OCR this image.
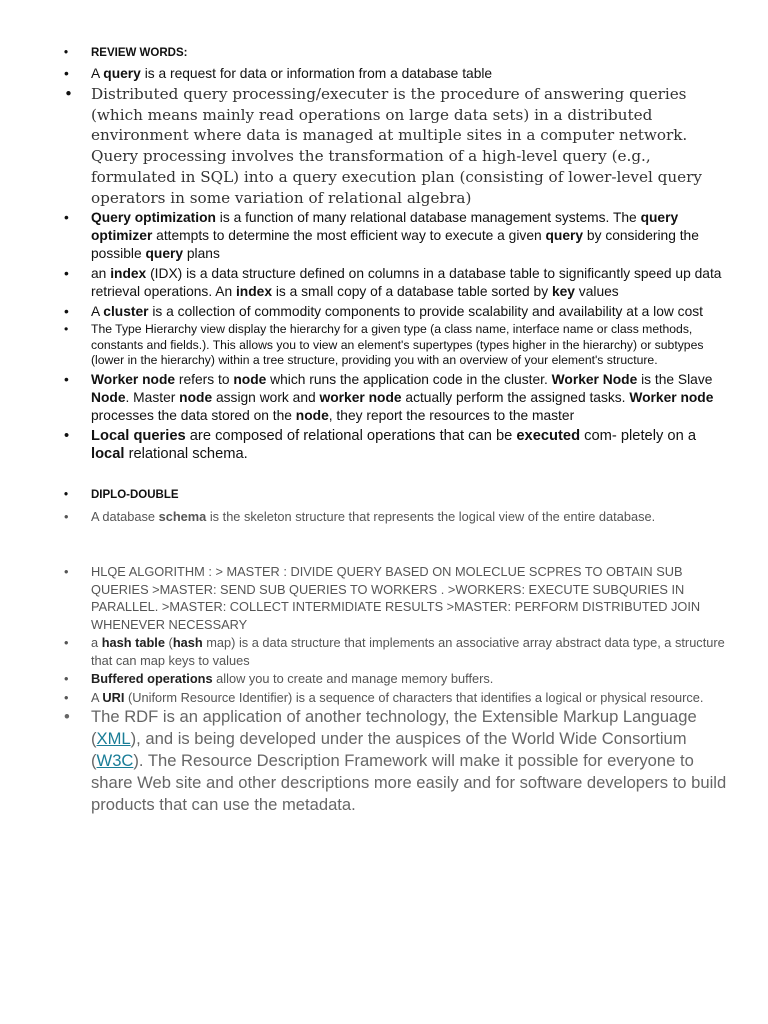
• REVIEW WORDS:
• A query is a request for data or information from a database table
• Distributed query processing/executer is the procedure of answering queries (which means mainly read operations on large data sets) in a distributed environment where data is managed at multiple sites in a computer network. Query processing involves the transformation of a high-level query (e.g., formulated in SQL) into a query execution plan (consisting of lower-level query operators in some variation of relational algebra)
• Query optimization is a function of many relational database management systems. The query optimizer attempts to determine the most efficient way to execute a given query by considering the possible query plans
• an index (IDX) is a data structure defined on columns in a database table to significantly speed up data retrieval operations. An index is a small copy of a database table sorted by key values
• A cluster is a collection of commodity components to provide scalability and availability at a low cost
• The Type Hierarchy view display the hierarchy for a given type (a class name, interface name or class methods, constants and fields.). This allows you to view an element's supertypes (types higher in the hierarchy) or subtypes (lower in the hierarchy) within a tree structure, providing you with an overview of your element's structure.
• Worker node refers to node which runs the application code in the cluster. Worker Node is the Slave Node. Master node assign work and worker node actually perform the assigned tasks. Worker node processes the data stored on the node, they report the resources to the master
• Local queries are composed of relational operations that can be executed com- pletely on a local relational schema.
• DIPLO-DOUBLE
• A database schema is the skeleton structure that represents the logical view of the entire database.
• HLQE ALGORITHM : > MASTER : DIVIDE QUERY BASED ON MOLECLUE SCPRES TO OBTAIN SUB QUERIES >MASTER: SEND SUB QUERIES TO WORKERS . >WORKERS: EXECUTE SUBQURIES IN PARALLEL. >MASTER: COLLECT INTERMIDIATE RESULTS >MASTER: PERFORM DISTRIBUTED JOIN WHENEVER NECESSARY
• a hash table (hash map) is a data structure that implements an associative array abstract data type, a structure that can map keys to values
• Buffered operations allow you to create and manage memory buffers.
• A URI (Uniform Resource Identifier) is a sequence of characters that identifies a logical or physical resource.
• The RDF is an application of another technology, the Extensible Markup Language (XML), and is being developed under the auspices of the World Wide Consortium (W3C). The Resource Description Framework will make it possible for everyone to share Web site and other descriptions more easily and for software developers to build products that can use the metadata.
